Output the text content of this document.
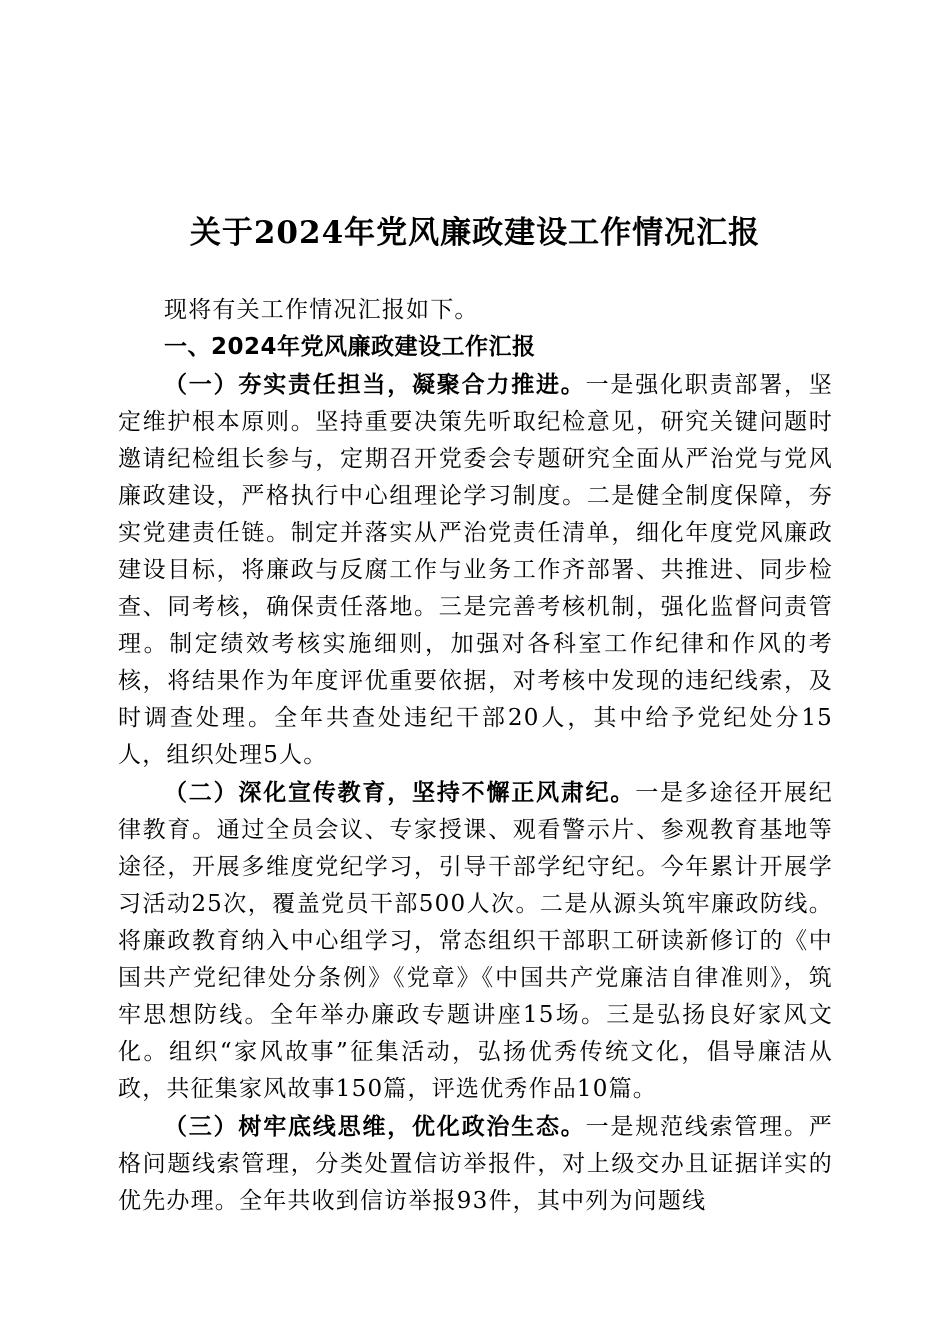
关于2024年党风廉政建设工作情况汇报

现将有关工作情况汇报如下。

一、2024年党风廉政建设工作汇报

（一）夯实责任担当，凝聚合力推进。一是强化职责部署，坚定维护根本原则。坚持重要决策先听取纪检意见，研究关键问题时邀请纪检组长参与，定期召开党委会专题研究全面从严治党与党风廉政建设，严格执行中心组理论学习制度。二是健全制度保障，夯实党建责任链。制定并落实从严治党责任清单，细化年度党风廉政建设目标，将廉政与反腐工作与业务工作齐部署、共推进、同步检查、同考核，确保责任落地。三是完善考核机制，强化监督问责管理。制定绩效考核实施细则，加强对各科室工作纪律和作风的考核，将结果作为年度评优重要依据，对考核中发现的违纪线索，及时调查处理。全年共查处违纪干部20人，其中给予党纪处分15人，组织处理5人。

（二）深化宣传教育，坚持不懈正风肃纪。一是多途径开展纪律教育。通过全员会议、专家授课、观看警示片、参观教育基地等途径，开展多维度党纪学习，引导干部学纪守纪。今年累计开展学习活动25次，覆盖党员干部500人次。二是从源头筑牢廉政防线。将廉政教育纳入中心组学习，常态组织干部职工研读新修订的《中国共产党纪律处分条例》《党章》《中国共产党廉洁自律准则》，筑牢思想防线。全年举办廉政专题讲座15场。三是弘扬良好家风文化。组织“家风故事”征集活动，弘扬优秀传统文化，倡导廉洁从政，共征集家风故事150篇，评选优秀作品10篇。

（三）树牢底线思维，优化政治生态。一是规范线索管理。严格问题线索管理，分类处置信访举报件，对上级交办且证据详实的优先办理。全年共收到信访举报93件，其中列为问题线
